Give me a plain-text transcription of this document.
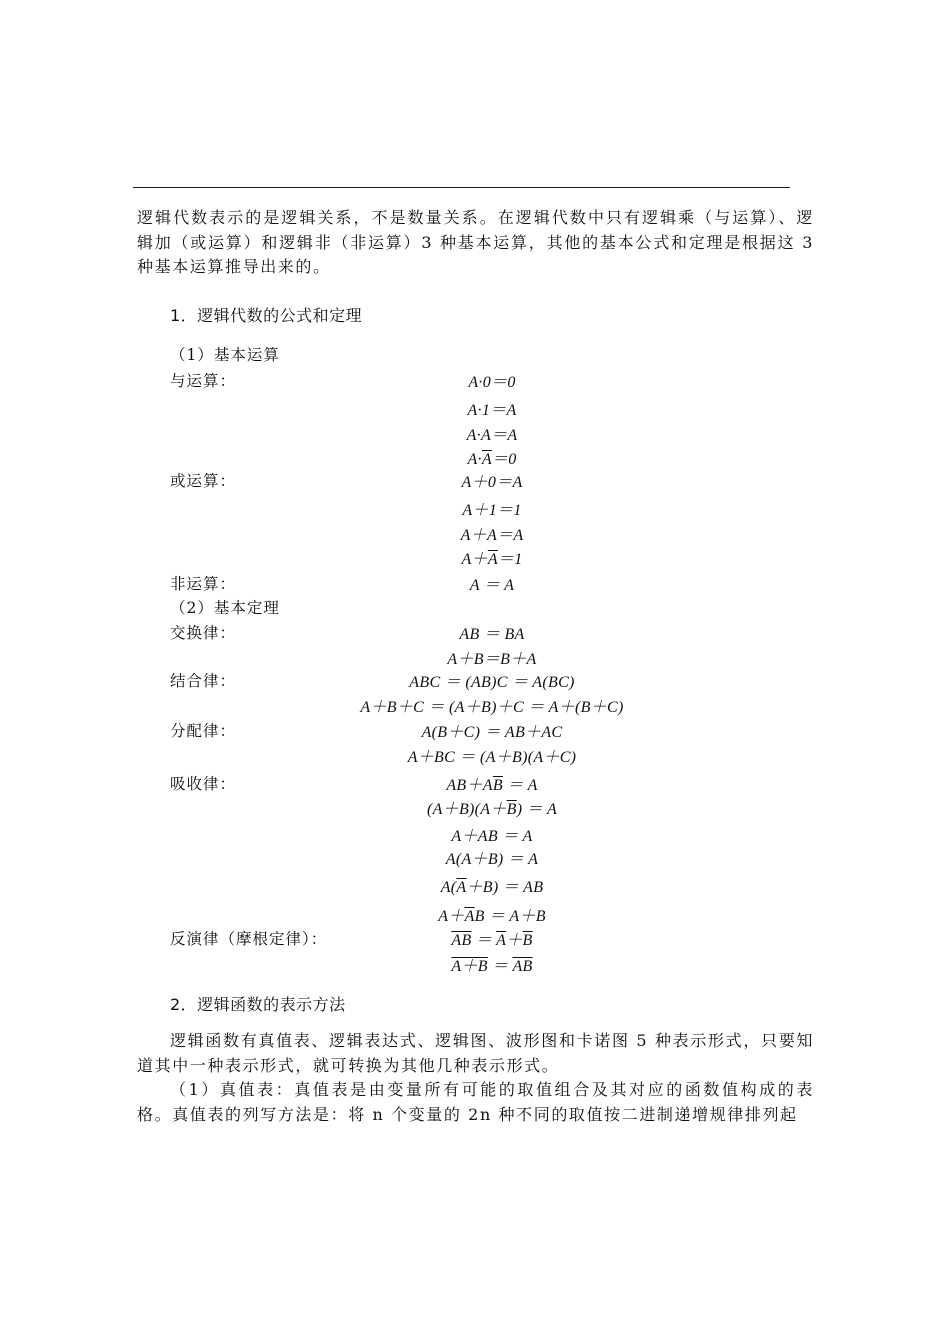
逻辑代数表示的是逻辑关系，不是数量关系。在逻辑代数中只有逻辑乘（与运算）、逻辑加（或运算）和逻辑非（非运算）3 种基本运算，其他的基本公式和定理是根据这 3 种基本运算推导出来的。
1．逻辑代数的公式和定理
（1）基本运算
与运算：	A·0＝0
A·1＝A
A·A＝A
$A\cdot\overline{A}=0$
或运算：	A＋0＝A
A＋1＝1
A＋A＝A
$A+\overline{A}=1$
非运算：	A ＝ A
（2）基本定理
交换律：	AB ＝ BA
A＋B＝B＋A
结合律：	ABC ＝ (AB)C ＝ A(BC)
A＋B＋C ＝ (A＋B)＋C ＝ A＋(B＋C)
分配律：	A(B＋C) ＝ AB＋AC
A＋BC ＝ (A＋B)(A＋C)
吸收律：	$AB+A\overline{B} = A$
$(A+B)(A+\overline{B}) = A$
A＋AB ＝ A
A(A＋B) ＝ A
$A(\overline{A}+B)$ ＝ AB
$A+\overline{A}B = A+B$
反演律（摩根定律）：	$\overline{AB} = \overline{A}+\overline{B}$
$A+B = \overline{A}\overline{B}$
2．逻辑函数的表示方法
逻辑函数有真值表、逻辑表达式、逻辑图、波形图和卡诺图 5 种表示形式，只要知道其中一种表示形式，就可转换为其他几种表示形式。
（1）真值表：真值表是由变量所有可能的取值组合及其对应的函数值构成的表格。真值表的列写方法是：将 n 个变量的 2n 种不同的取值按二进制递增规律排列起
